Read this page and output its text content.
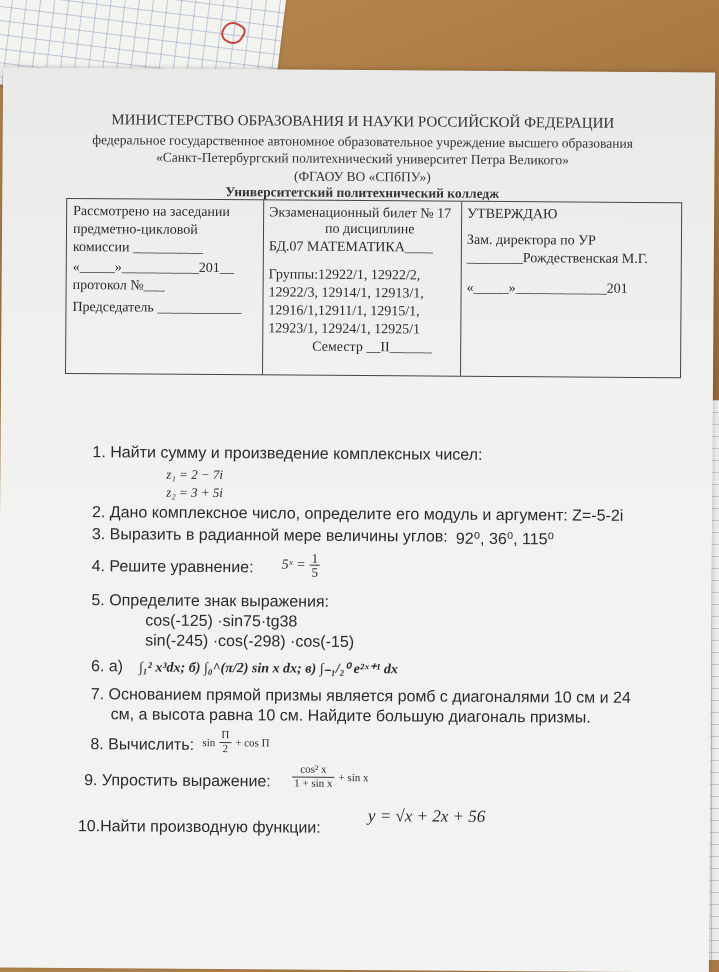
МИНИСТЕРСТВО ОБРАЗОВАНИЯ И НАУКИ РОССИЙСКОЙ ФЕДЕРАЦИИ
федеральное государственное автономное образовательное учреждение высшего образования
«Санкт-Петербургский политехнический университет Петра Великого»
(ФГАОУ ВО «СПбПУ»)
Университетский политехнический колледж
Рассмотрено на заседании
предметно-цикловой
комиссии __________
«_____»___________201__
протокол №___
Председатель ____________
Экзаменационный билет № 17
по дисциплине
БД.07 МАТЕМАТИКА____
Группы:12922/1, 12922/2,
12922/3, 12914/1, 12913/1,
12916/1,12911/1, 12915/1,
12923/1, 12924/1, 12925/1
Семестр __II______
УТВЕРЖДАЮ
Зам. директора по УР
________Рождественская М.Г.
«_____»_____________201
1. Найти сумму и произведение комплексных чисел:
z₁ = 2 − 7i
z₂ = 3 + 5i
2. Дано комплексное число, определите его модуль и аргумент: Z=-5-2i
3. Выразить в радианной мере величины углов: 92⁰, 36⁰, 115⁰
4. Решите уравнение: 5ˣ = $\frac{1}{5}$
5. Определите знак выражения:
cos(-125) ·sin75·tg38
sin(-245) ·cos(-298) ·cos(-15)
6. а) ∫₁² x³dx; б) ∫₀^(π/2) sin x dx; в) ∫₋₁/₂⁰ e²ˣ⁺¹ dx
7. Основанием прямой призмы является ромб с диагоналями 10 см и 24
см, а высота равна 10 см. Найдите большую диагональ призмы.
8. Вычислить: $\sin \frac{П}{2} + \cos П$
9. Упростить выражение: $\frac{\text{cos² x}}{\text{1 + sin x}} + \sin x$
10.Найти производную функции:
y = √x + 2x + 56
